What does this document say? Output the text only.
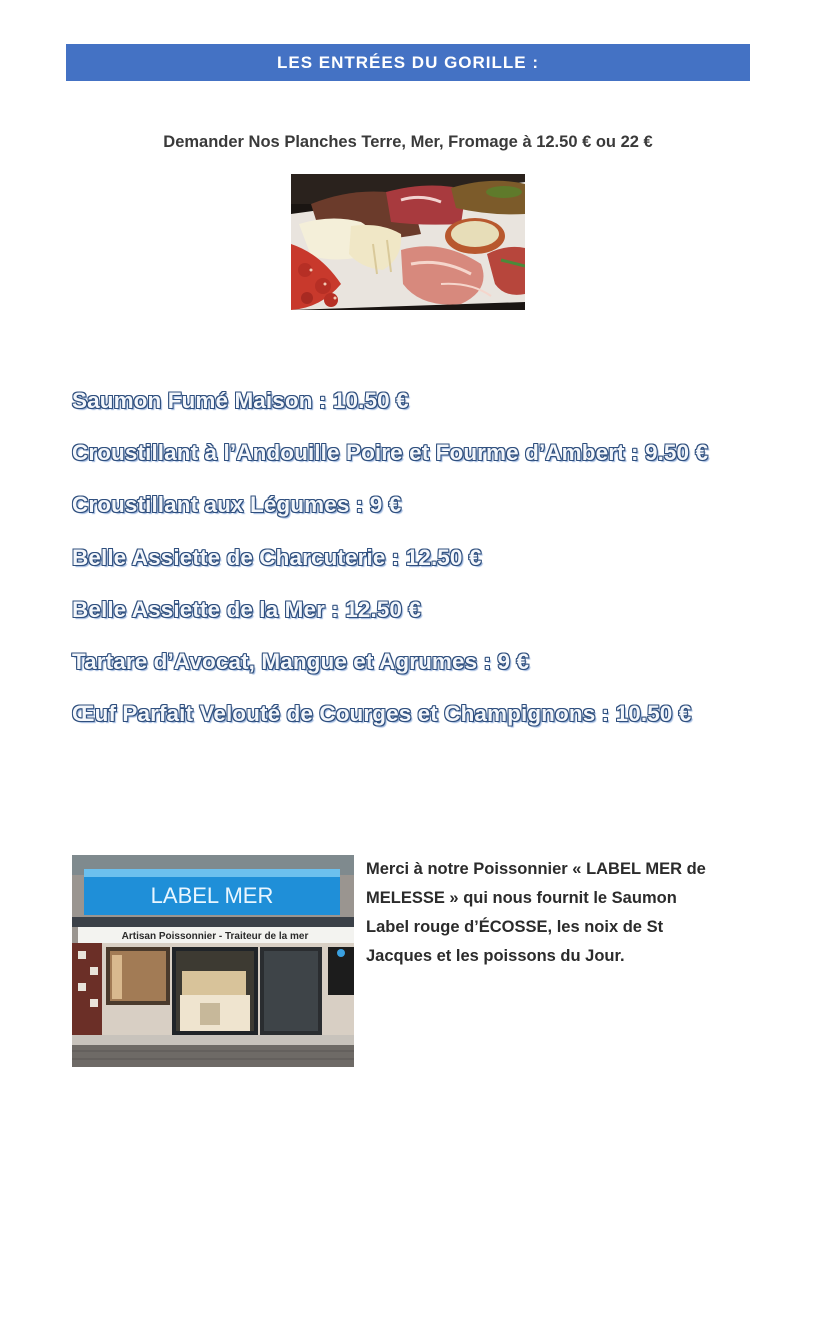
LES ENTRÉES DU GORILLE :
Demander Nos Planches Terre, Mer, Fromage à 12.50 € ou 22 €
Saumon Fumé Maison : 10.50 €
Croustillant à l’Andouille Poire et Fourme d’Ambert : 9.50 €
Croustillant aux Légumes : 9 €
Belle Assiette de Charcuterie : 12.50 €
Belle Assiette de la Mer : 12.50 €
Tartare d’Avocat, Mangue et Agrumes : 9 €
Œuf Parfait Velouté de Courges et Champignons : 10.50 €
LABEL MER
Artisan Poissonnier - Traiteur de la mer
Merci à notre Poissonnier « LABEL MER de
MELESSE » qui nous fournit le Saumon
Label rouge d’ÉCOSSE, les noix de St
Jacques et les poissons du Jour.
